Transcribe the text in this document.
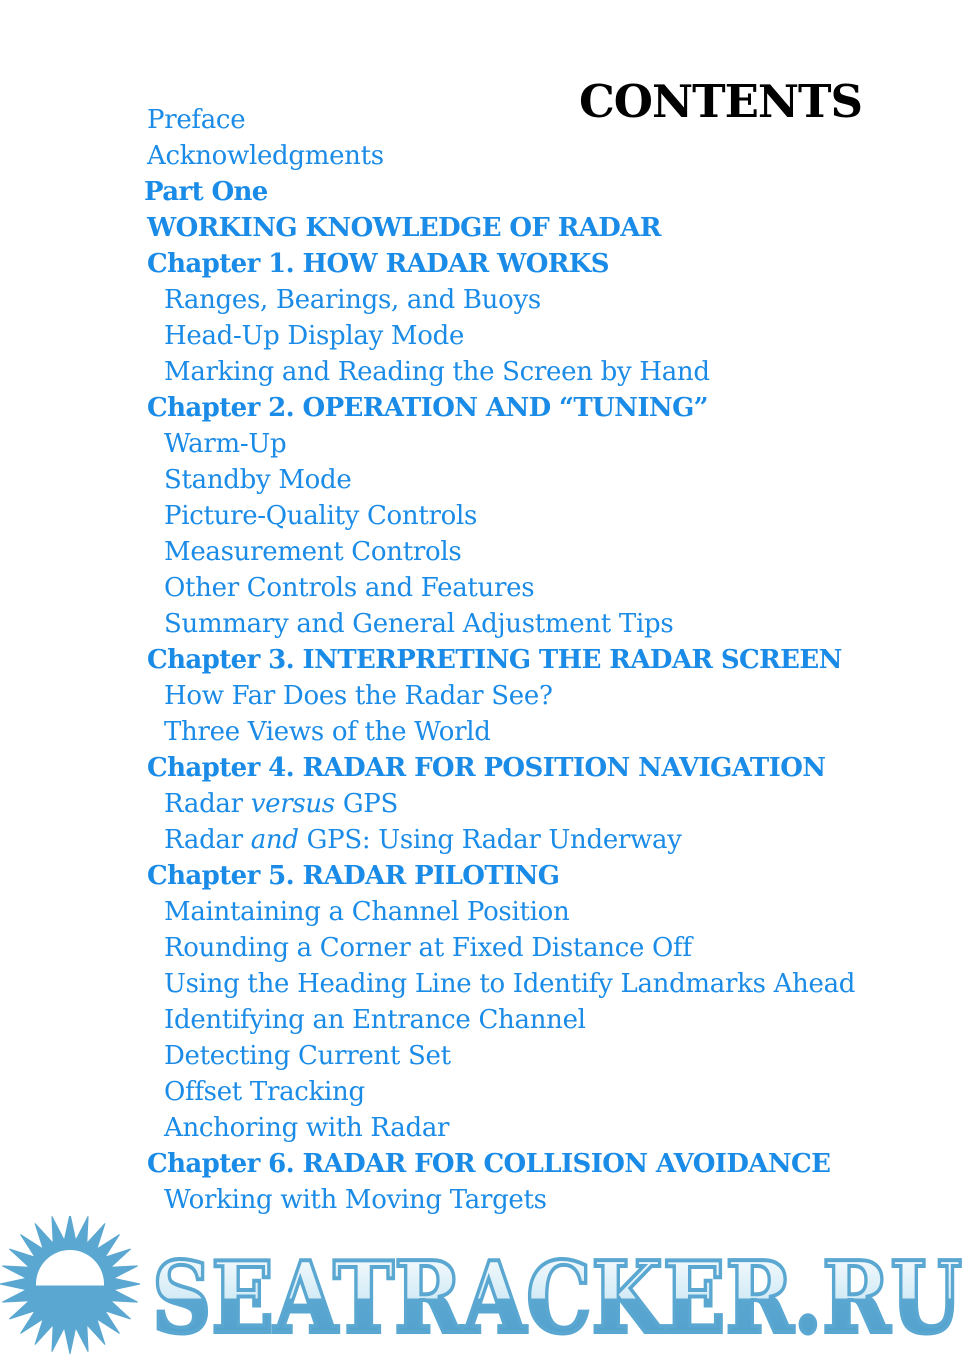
CONTENTS
Preface
Acknowledgments
Part One
WORKING KNOWLEDGE OF RADAR
Chapter 1. HOW RADAR WORKS
Ranges, Bearings, and Buoys
Head-Up Display Mode
Marking and Reading the Screen by Hand
Chapter 2. OPERATION AND “TUNING”
Warm-Up
Standby Mode
Picture-Quality Controls
Measurement Controls
Other Controls and Features
Summary and General Adjustment Tips
Chapter 3. INTERPRETING THE RADAR SCREEN
How Far Does the Radar See?
Three Views of the World
Chapter 4. RADAR FOR POSITION NAVIGATION
Radar versus GPS
Radar and GPS: Using Radar Underway
Chapter 5. RADAR PILOTING
Maintaining a Channel Position
Rounding a Corner at Fixed Distance Off
Using the Heading Line to Identify Landmarks Ahead
Identifying an Entrance Channel
Detecting Current Set
Offset Tracking
Anchoring with Radar
Chapter 6. RADAR FOR COLLISION AVOIDANCE
Working with Moving Targets
SEATRACKER.RU
